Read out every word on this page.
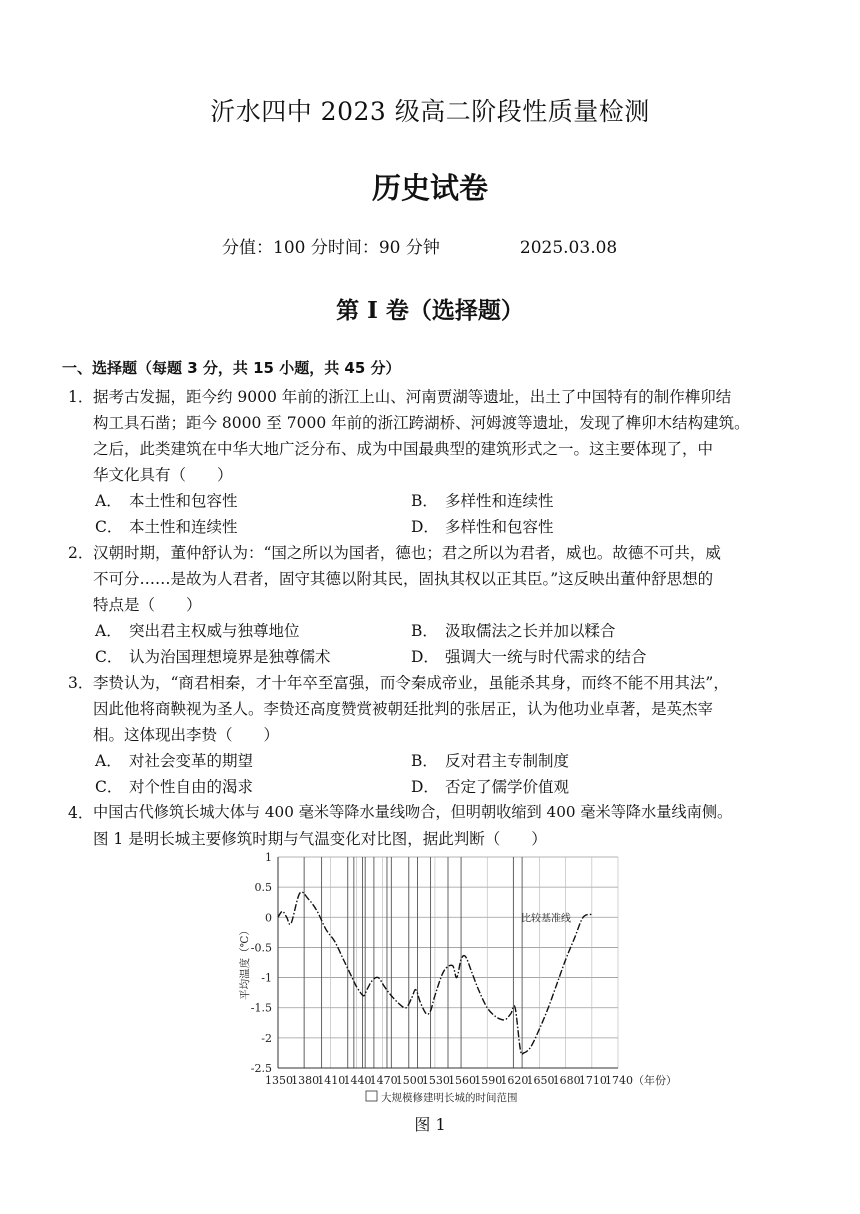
沂水四中 2023 级高二阶段性质量检测
历史试卷
分值：100 分时间：90 分钟	2025.03.08
第 I 卷（选择题）
一、选择题（每题 3 分，共 15 小题，共 45 分）
1． 据考古发掘，距今约 9000 年前的浙江上山、河南贾湖等遗址，出土了中国特有的制作榫卯结
构工具石凿；距今 8000 至 7000 年前的浙江跨湖桥、河姆渡等遗址，发现了榫卯木结构建筑。
之后，此类建筑在中华大地广泛分布、成为中国最典型的建筑形式之一。这主要体现了，中
华文化具有（　　）
A． 本土性和包容性	B． 多样性和连续性
C． 本土性和连续性	D． 多样性和包容性
2． 汉朝时期，董仲舒认为：“国之所以为国者，德也；君之所以为君者，威也。故德不可共，威
不可分……是故为人君者，固守其德以附其民，固执其权以正其臣。”这反映出董仲舒思想的
特点是（　　）
A． 突出君主权威与独尊地位	B． 汲取儒法之长并加以糅合
C． 认为治国理想境界是独尊儒术	D． 强调大一统与时代需求的结合
3． 李贽认为，“商君相秦，才十年卒至富强，而令秦成帝业，虽能杀其身，而终不能不用其法”，
因此他将商鞅视为圣人。李贽还高度赞赏被朝廷批判的张居正，认为他功业卓著，是英杰宰
相。这体现出李贽（　　）
A． 对社会变革的期望	B． 反对君主专制制度
C． 对个性自由的渴求	D． 否定了儒学价值观
4． 中国古代修筑长城大体与 400 毫米等降水量线吻合，但明朝收缩到 400 毫米等降水量线南侧。
图 1 是明长城主要修筑时期与气温变化对比图，据此判断（　　）
1
0.5
0
-0.5
-1
-1.5
-2
-2.5
1350
1380
1410
1440
1470
1500
1530
1560
1590
1620
1650
1680
1710
1740（年份）
平均温度（℃）
比较基准线
大规模修建明长城的时间范围
图 1
